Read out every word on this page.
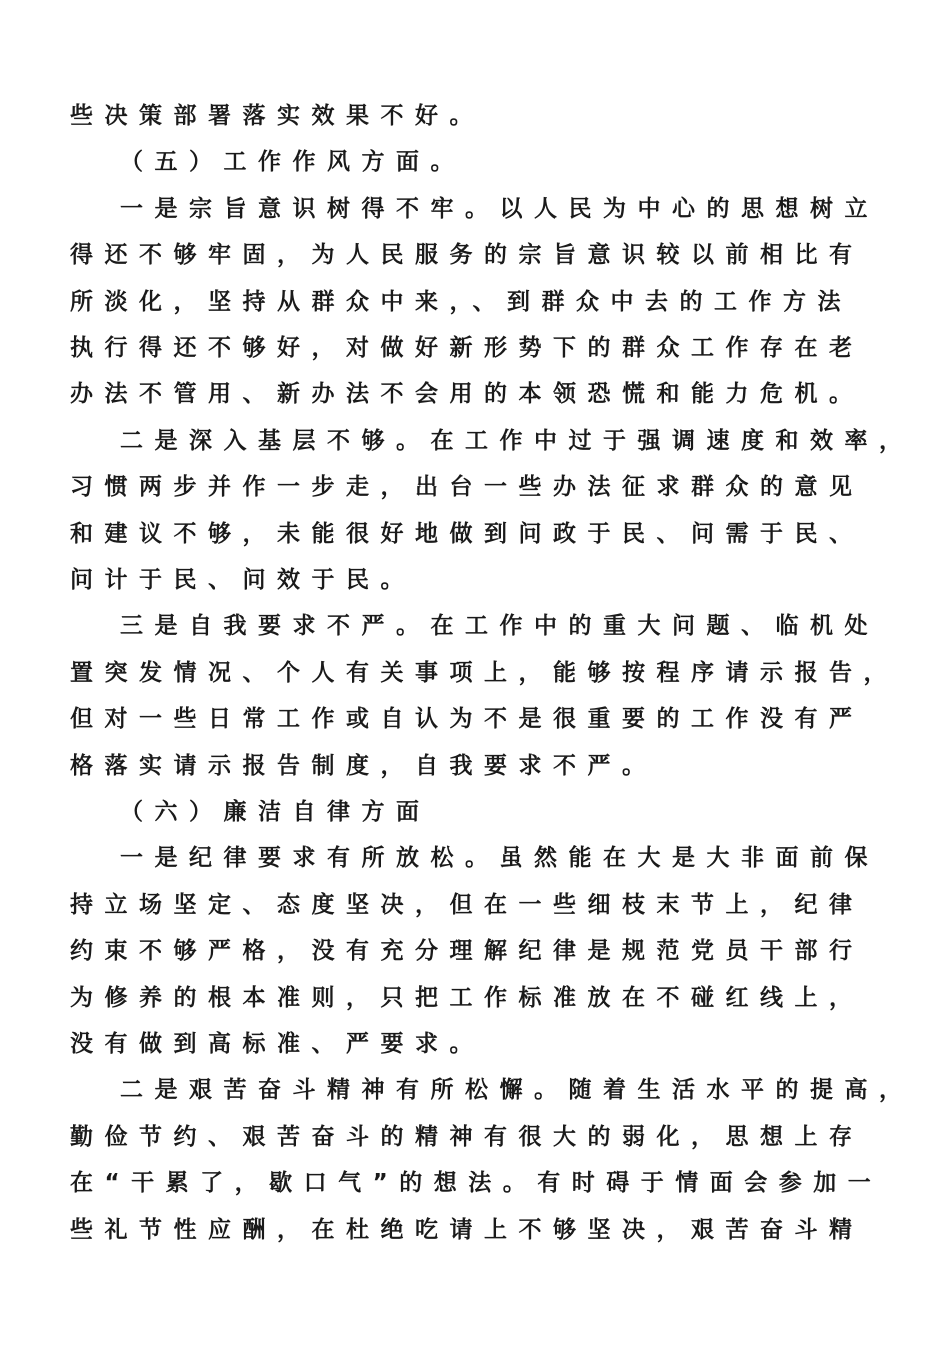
些决策部署落实效果不好。
（五）工作作风方面。
一是宗旨意识树得不牢。以人民为中心的思想树立
得还不够牢固，为人民服务的宗旨意识较以前相比有
所淡化，坚持从群众中来，、到群众中去的工作方法
执行得还不够好，对做好新形势下的群众工作存在老
办法不管用、新办法不会用的本领恐慌和能力危机。
二是深入基层不够。在工作中过于强调速度和效率，
习惯两步并作一步走，出台一些办法征求群众的意见
和建议不够，未能很好地做到问政于民、问需于民、
问计于民、问效于民。
三是自我要求不严。在工作中的重大问题、临机处
置突发情况、个人有关事项上，能够按程序请示报告，
但对一些日常工作或自认为不是很重要的工作没有严
格落实请示报告制度，自我要求不严。
（六）廉洁自律方面
一是纪律要求有所放松。虽然能在大是大非面前保
持立场坚定、态度坚决，但在一些细枝末节上，纪律
约束不够严格，没有充分理解纪律是规范党员干部行
为修养的根本准则，只把工作标准放在不碰红线上，
没有做到高标准、严要求。
二是艰苦奋斗精神有所松懈。随着生活水平的提高，
勤俭节约、艰苦奋斗的精神有很大的弱化，思想上存
在“干累了，歇口气”的想法。有时碍于情面会参加一
些礼节性应酬，在杜绝吃请上不够坚决，艰苦奋斗精
